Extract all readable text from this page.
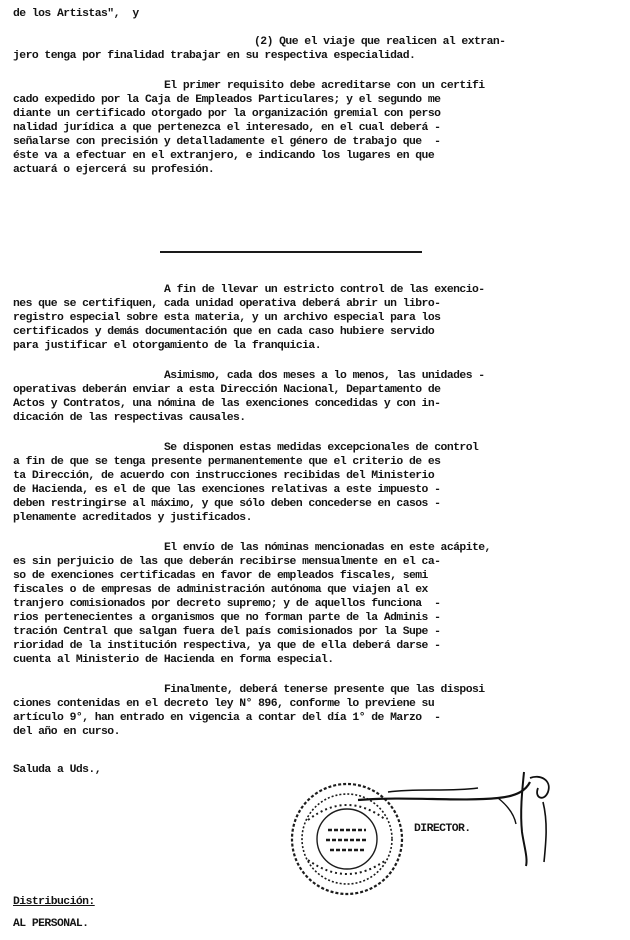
de los Artistas",  y
(2) Que el viaje que realicen al extran-
jero tenga por finalidad trabajar en su respectiva especialidad.
El primer requisito debe acreditarse con un certifi
cado expedido por la Caja de Empleados Particulares; y el segundo me
diante un certificado otorgado por la organización gremial con perso
nalidad jurídica a que pertenezca el interesado, en el cual deberá -
señalarse con precisión y detalladamente el género de trabajo que  -
éste va a efectuar en el extranjero, e indicando los lugares en que
actuará o ejercerá su profesión.
A fin de llevar un estricto control de las exencio-
nes que se certifiquen, cada unidad operativa deberá abrir un libro-
registro especial sobre esta materia, y un archivo especial para los
certificados y demás documentación que en cada caso hubiere servido
para justificar el otorgamiento de la franquicia.
Asimismo, cada dos meses a lo menos, las unidades -
operativas deberán enviar a esta Dirección Nacional, Departamento de
Actos y Contratos, una nómina de las exenciones concedidas y con in-
dicación de las respectivas causales.
Se disponen estas medidas excepcionales de control
a fin de que se tenga presente permanentemente que el criterio de es
ta Dirección, de acuerdo con instrucciones recibidas del Ministerio
de Hacienda, es el de que las exenciones relativas a este impuesto -
deben restringirse al máximo, y que sólo deben concederse en casos -
plenamente acreditados y justificados.
El envío de las nóminas mencionadas en este acápite,
es sin perjuicio de las que deberán recibirse mensualmente en el ca-
so de exenciones certificadas en favor de empleados fiscales, semi
fiscales o de empresas de administración autónoma que viajen al ex
tranjero comisionados por decreto supremo; y de aquellos funciona  -
rios pertenecientes a organismos que no forman parte de la Adminis -
tración Central que salgan fuera del país comisionados por la Supe -
rioridad de la institución respectiva, ya que de ella deberá darse -
cuenta al Ministerio de Hacienda en forma especial.
Finalmente, deberá tenerse presente que las disposi
ciones contenidas en el decreto ley N° 896, conforme lo previene su
artículo 9°, han entrado en vigencia a contar del día 1° de Marzo  -
del año en curso.
Saluda a Uds.,
DIRECTOR.
Distribución:
AL PERSONAL.
